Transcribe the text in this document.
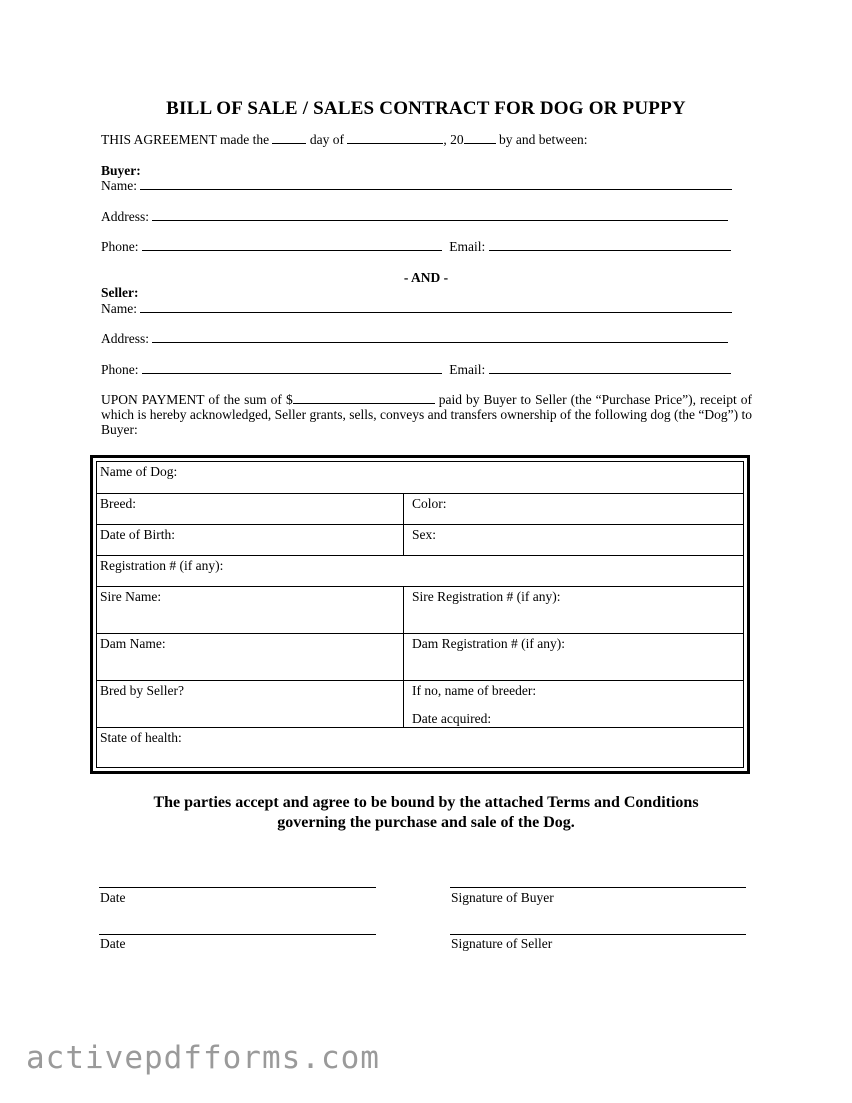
BILL OF SALE / SALES CONTRACT FOR DOG OR PUPPY
THIS AGREEMENT made the	day of	, 20	by and between:
Buyer:
Name:
Address:
Phone:	Email:
- AND -
Seller:
Name:
Address:
Phone:	Email:
UPON PAYMENT of the sum of $	paid by Buyer to Seller (the “Purchase Price”), receipt of which is hereby acknowledged, Seller grants, sells, conveys and transfers ownership of the following dog (the “Dog”) to Buyer:
Name of Dog:
Breed:	Color:
Date of Birth:	Sex:
Registration # (if any):
Sire Name:	Sire Registration # (if any):
Dam Name:	Dam Registration # (if any):
Bred by Seller?	If no, name of breeder:
Date acquired:
State of health:
The parties accept and agree to be bound by the attached Terms and Conditions
governing the purchase and sale of the Dog.
Date	Signature of Buyer
Date	Signature of Seller
activepdfforms.com
